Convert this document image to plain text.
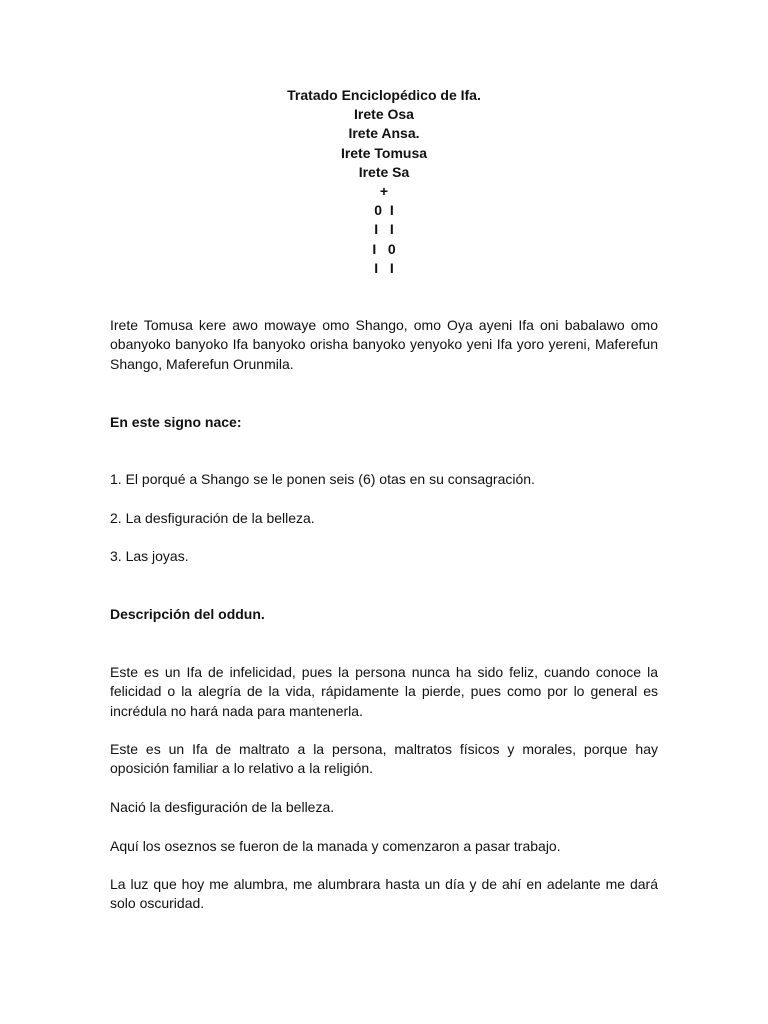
Tratado Enciclopédico de Ifa.
Irete Osa
Irete Ansa.
Irete Tomusa
Irete Sa
+
0  I
I   I
I   0
I   I

Irete Tomusa kere awo mowaye omo Shango, omo Oya ayeni Ifa oni babalawo omo obanyoko banyoko Ifa banyoko orisha banyoko yenyoko yeni Ifa yoro yereni, Maferefun Shango, Maferefun Orunmila.

En este signo nace:

1. El porqué a Shango se le ponen seis (6) otas en su consagración.

2. La desfiguración de la belleza.

3. Las joyas.

Descripción del oddun.

Este es un Ifa de infelicidad, pues la persona nunca ha sido feliz, cuando conoce la felicidad o la alegría de la vida, rápidamente la pierde, pues como por lo general es incrédula no hará nada para mantenerla.

Este es un Ifa de maltrato a la persona, maltratos físicos y morales, porque hay oposición familiar a lo relativo a la religión.

Nació la desfiguración de la belleza.

Aquí los oseznos se fueron de la manada y comenzaron a pasar trabajo.

La luz que hoy me alumbra, me alumbrara hasta un día y de ahí en adelante me dará solo oscuridad.
